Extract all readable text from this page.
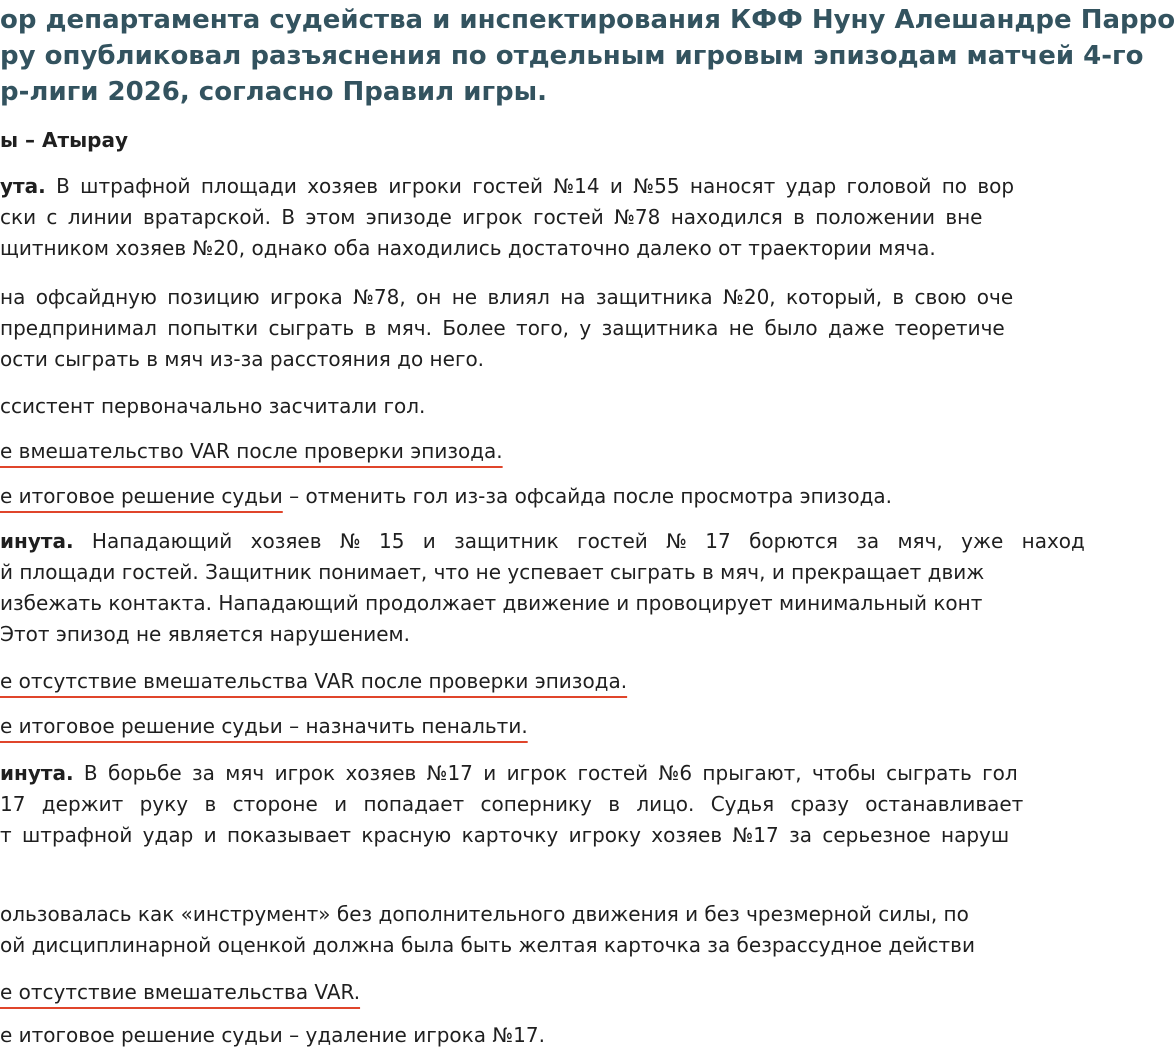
ор департамента судейства и инспектирования КФФ Нуну Алешандре Парро
ру опубликовал разъяснения по отдельным игровым эпизодам матчей 4-го
р-лиги 2026, согласно Правил игры.
ы – Атырау
ута. В штрафной площади хозяев игроки гостей №14 и №55 наносят удар головой по вор
ски с линии вратарской. В этом эпизоде игрок гостей №78 находился в положении вне
щитником хозяев №20, однако оба находились достаточно далеко от траектории мяча.
на офсайдную позицию игрока №78, он не влиял на защитника №20, который, в свою оче
предпринимал попытки сыграть в мяч. Более того, у защитника не было даже теоретиче
ости сыграть в мяч из-за расстояния до него.
ссистент первоначально засчитали гол.
е вмешательство VAR после проверки эпизода.
е итоговое решение судьи – отменить гол из-за офсайда после просмотра эпизода.
инута. Нападающий хозяев № 15 и защитник гостей № 17 борются за мяч, уже наход
й площади гостей. Защитник понимает, что не успевает сыграть в мяч, и прекращает движ
избежать контакта. Нападающий продолжает движение и провоцирует минимальный конт
Этот эпизод не является нарушением.
е отсутствие вмешательства VAR после проверки эпизода.
е итоговое решение судьи – назначить пенальти.
инута. В борьбе за мяч игрок хозяев №17 и игрок гостей №6 прыгают, чтобы сыграть гол
17 держит руку в стороне и попадает сопернику в лицо. Судья сразу останавливает
т штрафной удар и показывает красную карточку игроку хозяев №17 за серьезное наруш
ользовалась как «инструмент» без дополнительного движения и без чрезмерной силы, по
ой дисциплинарной оценкой должна была быть желтая карточка за безрассудное действи
е отсутствие вмешательства VAR.
е итоговое решение судьи – удаление игрока №17.
